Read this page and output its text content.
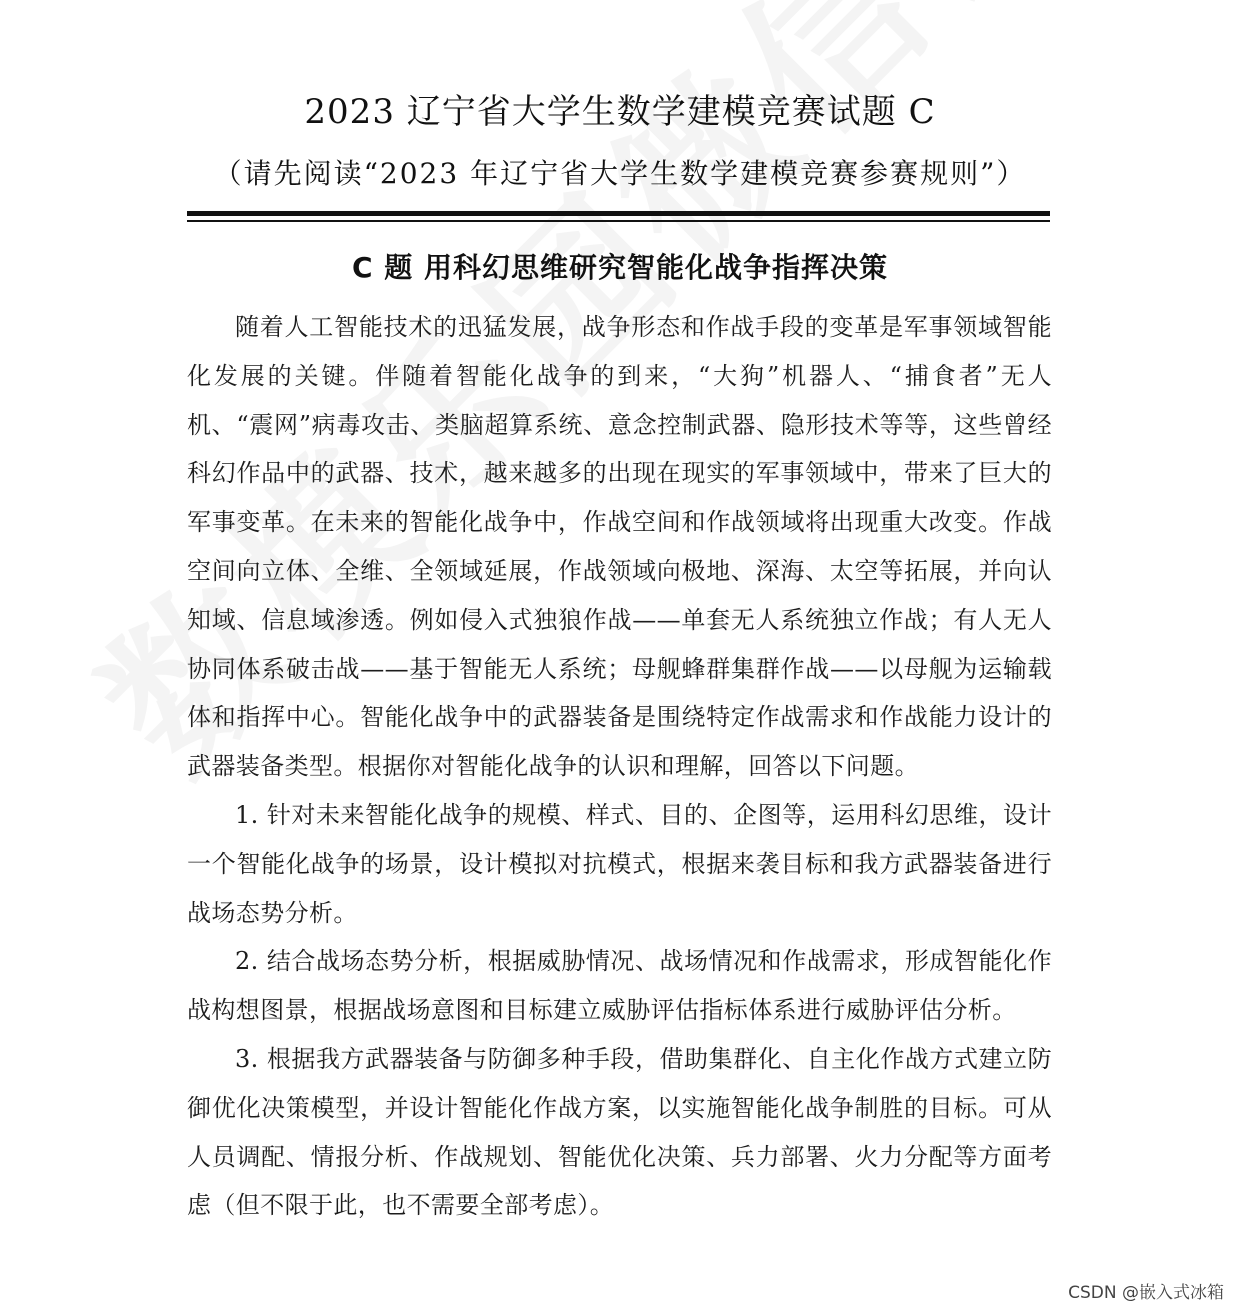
2023 辽宁省大学生数学建模竞赛试题 C
（请先阅读“2023 年辽宁省大学生数学建模竞赛参赛规则”）
C 题 用科幻思维研究智能化战争指挥决策

随着人工智能技术的迅猛发展，战争形态和作战手段的变革是军事领域智能化发展的关键。伴随着智能化战争的到来，“大狗”机器人、“捕食者”无人机、“震网”病毒攻击、类脑超算系统、意念控制武器、隐形技术等等，这些曾经科幻作品中的武器、技术，越来越多的出现在现实的军事领域中，带来了巨大的军事变革。在未来的智能化战争中，作战空间和作战领域将出现重大改变。作战空间向立体、全维、全领域延展，作战领域向极地、深海、太空等拓展，并向认知域、信息域渗透。例如侵入式独狼作战——单套无人系统独立作战；有人无人协同体系破击战——基于智能无人系统；母舰蜂群集群作战——以母舰为运输载体和指挥中心。智能化战争中的武器装备是围绕特定作战需求和作战能力设计的武器装备类型。根据你对智能化战争的认识和理解，回答以下问题。

1. 针对未来智能化战争的规模、样式、目的、企图等，运用科幻思维，设计一个智能化战争的场景，设计模拟对抗模式，根据来袭目标和我方武器装备进行战场态势分析。

2. 结合战场态势分析，根据威胁情况、战场情况和作战需求，形成智能化作战构想图景，根据战场意图和目标建立威胁评估指标体系进行威胁评估分析。

3. 根据我方武器装备与防御多种手段，借助集群化、自主化作战方式建立防御优化决策模型，并设计智能化作战方案，以实施智能化战争制胜的目标。可从人员调配、情报分析、作战规划、智能优化决策、兵力部署、火力分配等方面考虑（但不限于此，也不需要全部考虑）。

CSDN @嵌入式冰箱
